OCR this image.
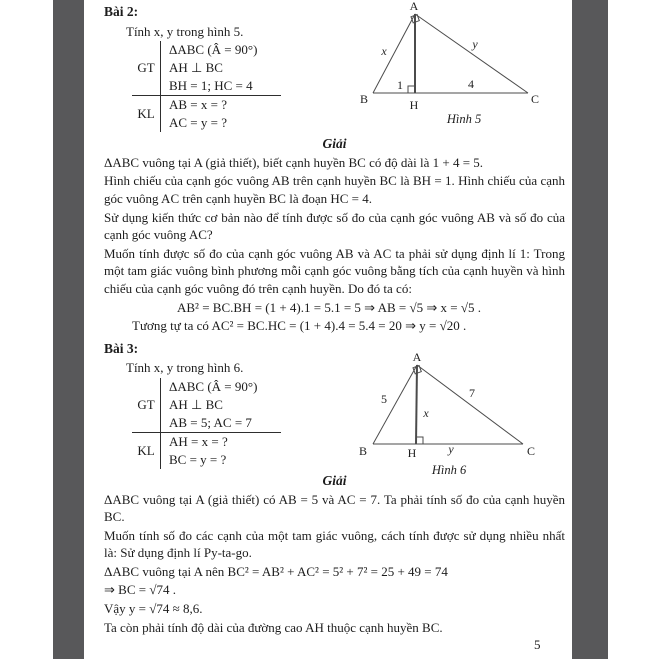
Bài 2:

Tính x, y trong hình 5.

GT
ΔABC (Â = 90°)
AH ⊥ BC
BH = 1; HC = 4
KL
AB = x = ?
AC = y = ?
Giải

ΔABC vuông tại A (giả thiết), biết cạnh huyền BC có độ dài là 1 + 4 = 5.

Hình chiếu của cạnh góc vuông AB trên cạnh huyền BC là BH = 1. Hình chiếu của cạnh góc vuông AC trên cạnh huyền BC là đoạn HC = 4.

Sử dụng kiến thức cơ bản nào để tính được số đo của cạnh góc vuông AB và số đo của cạnh góc vuông AC?

Muốn tính được số đo của cạnh góc vuông AB và AC ta phải sử dụng định lí 1: Trong một tam giác vuông bình phương mỗi cạnh góc vuông bằng tích của cạnh huyền và hình chiếu của cạnh góc vuông đó trên cạnh huyền. Do đó ta có:

AB² = BC.BH = (1 + 4).1 = 5.1 = 5 ⇒ AB = √5 ⇒ x = √5 .

Tương tự ta có AC² = BC.HC = (1 + 4).4 = 5.4 = 20 ⇒ y = √20 .

Bài 3:

Tính x, y trong hình 6.

GT
ΔABC (Â = 90°)
AH ⊥ BC
AB = 5; AC = 7
KL
AH = x = ?
BC = y = ?
Giải

ΔABC vuông tại A (giả thiết) có AB = 5 và AC = 7. Ta phải tính số đo của cạnh huyền BC.

Muốn tính số đo các cạnh của một tam giác vuông, cách tính được sử dụng nhiều nhất là: Sử dụng định lí Py-ta-go.

ΔABC vuông tại A nên BC² = AB² + AC² = 5² + 7² = 25 + 49 = 74

⇒ BC = √74 .

Vậy y = √74 ≈ 8,6.

Ta còn phải tính độ dài của đường cao AH thuộc cạnh huyền BC.

A
B	C
H
x	y
1	4
Hình 5
A
B	C
H
5	7
x
y
Hình 6
5
